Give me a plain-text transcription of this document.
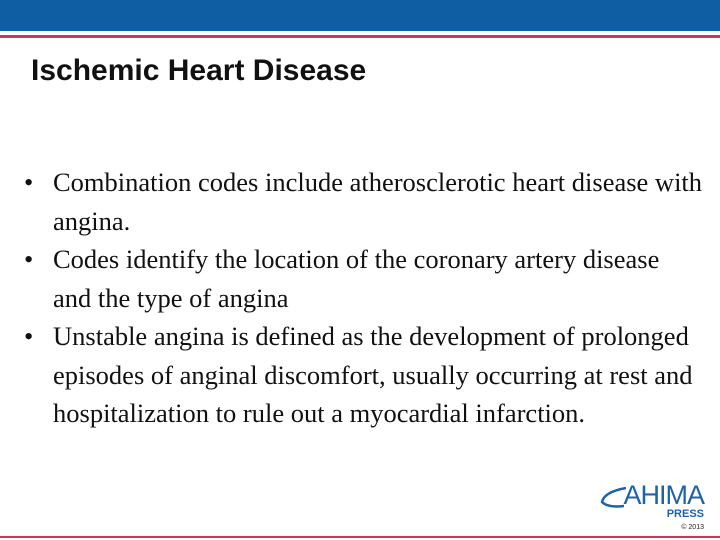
Ischemic Heart Disease
• Combination codes include atherosclerotic heart disease with angina.
• Codes identify the location of the coronary artery disease and the type of angina
• Unstable angina is defined as the development of prolonged episodes of anginal discomfort, usually occurring at rest and hospitalization to rule out a myocardial infarction.
AHIMA
PRESS
© 2013
